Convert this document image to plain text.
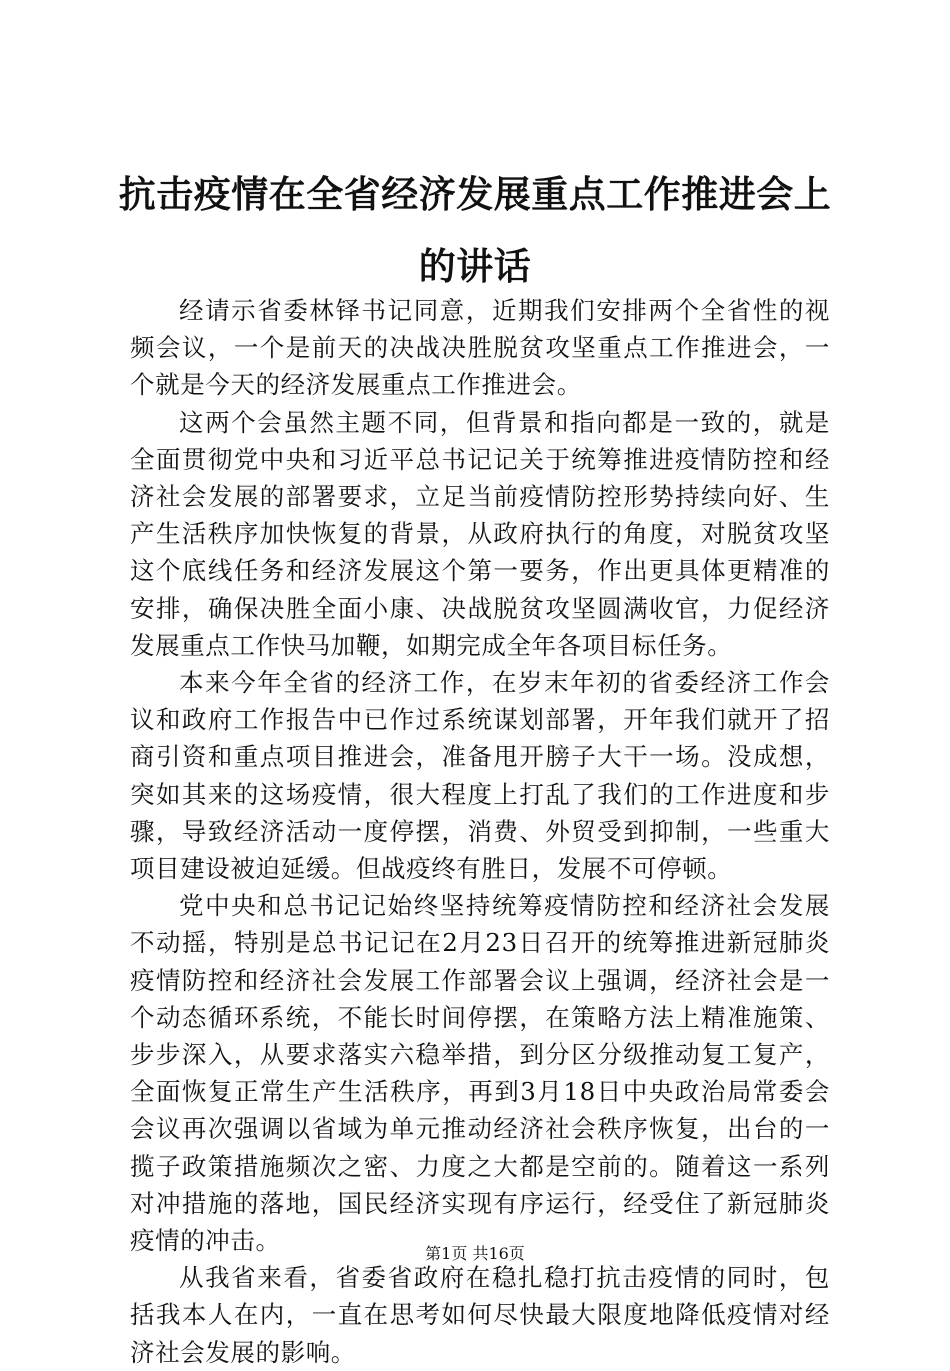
抗击疫情在全省经济发展重点工作推进会上的讲话

经请示省委林铎书记同意，近期我们安排两个全省性的视频会议，一个是前天的决战决胜脱贫攻坚重点工作推进会，一个就是今天的经济发展重点工作推进会。

这两个会虽然主题不同，但背景和指向都是一致的，就是全面贯彻党中央和习近平总书记记关于统筹推进疫情防控和经济社会发展的部署要求，立足当前疫情防控形势持续向好、生产生活秩序加快恢复的背景，从政府执行的角度，对脱贫攻坚这个底线任务和经济发展这个第一要务，作出更具体更精准的安排，确保决胜全面小康、决战脱贫攻坚圆满收官，力促经济发展重点工作快马加鞭，如期完成全年各项目标任务。

本来今年全省的经济工作，在岁末年初的省委经济工作会议和政府工作报告中已作过系统谋划部署，开年我们就开了招商引资和重点项目推进会，准备甩开膀子大干一场。没成想，突如其来的这场疫情，很大程度上打乱了我们的工作进度和步骤，导致经济活动一度停摆，消费、外贸受到抑制，一些重大项目建设被迫延缓。但战疫终有胜日，发展不可停顿。

党中央和总书记记始终坚持统筹疫情防控和经济社会发展不动摇，特别是总书记记在2月23日召开的统筹推进新冠肺炎疫情防控和经济社会发展工作部署会议上强调，经济社会是一个动态循环系统，不能长时间停摆，在策略方法上精准施策、步步深入，从要求落实六稳举措，到分区分级推动复工复产，全面恢复正常生产生活秩序，再到3月18日中央政治局常委会会议再次强调以省域为单元推动经济社会秩序恢复，出台的一揽子政策措施频次之密、力度之大都是空前的。随着这一系列对冲措施的落地，国民经济实现有序运行，经受住了新冠肺炎疫情的冲击。

从我省来看，省委省政府在稳扎稳打抗击疫情的同时，包括我本人在内，一直在思考如何尽快最大限度地降低疫情对经济社会发展的影响。

第1页 共16页
